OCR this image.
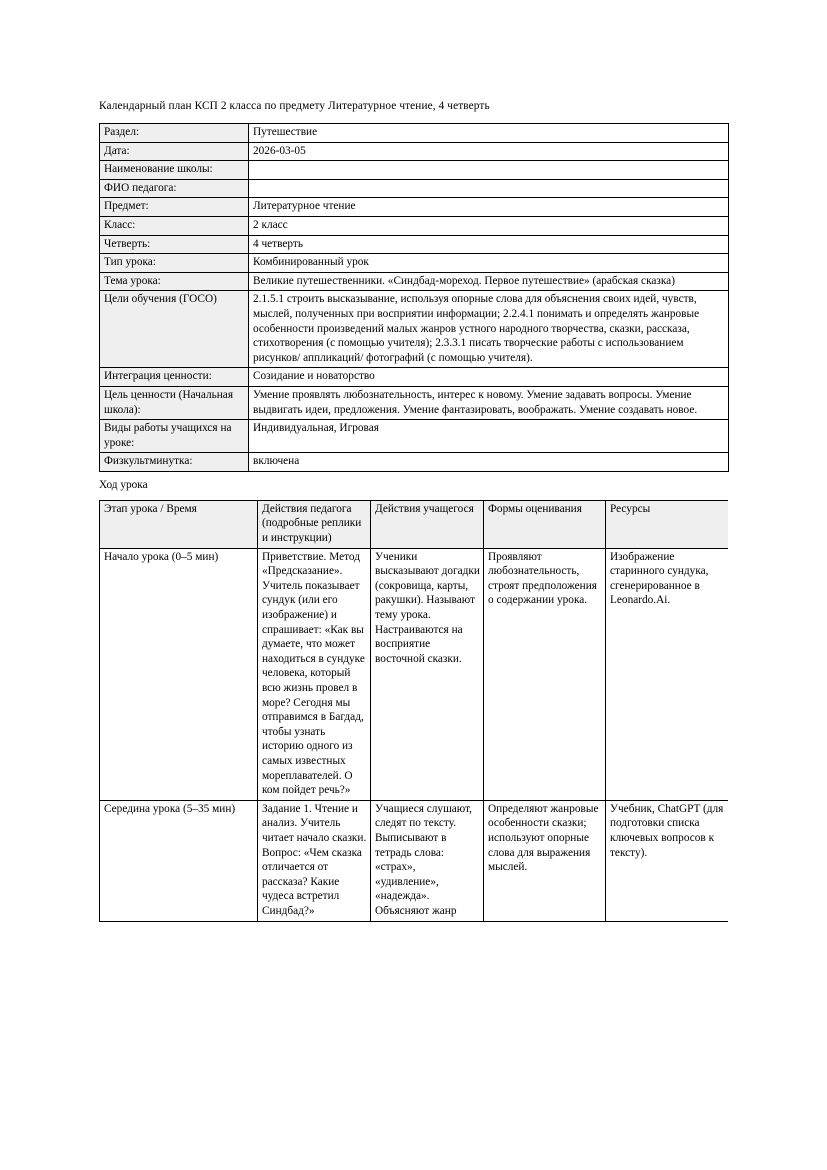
Календарный план КСП 2 класса по предмету Литературное чтение, 4 четверть

Раздел:	Путешествие
Дата:	2026-03-05
Наименование школы:	
ФИО педагога:	
Предмет:	Литературное чтение
Класс:	2 класс
Четверть:	4 четверть
Тип урока:	Комбинированный урок
Тема урока:	Великие путешественники. «Синдбад-мореход. Первое путешествие» (арабская сказка)
Цели обучения (ГОСО)	2.1.5.1 строить высказывание, используя опорные слова для объяснения своих идей, чувств, мыслей, полученных при восприятии информации; 2.2.4.1 понимать и определять жанровые особенности произведений малых жанров устного народного творчества, сказки, рассказа, стихотворения (с помощью учителя); 2.3.3.1 писать творческие работы с использованием рисунков/ аппликаций/ фотографий (с помощью учителя).
Интеграция ценности:	Созидание и новаторство
Цель ценности (Начальная школа):	Умение проявлять любознательность, интерес к новому. Умение задавать вопросы. Умение выдвигать идеи, предложения. Умение фантазировать, воображать. Умение создавать новое.
Виды работы учащихся на уроке:	Индивидуальная, Игровая
Физкультминутка:	включена

Ход урока

Этап урока / Время	Действия педагога (подробные реплики и инструкции)	Действия учащегося	Формы оценивания	Ресурсы
Начало урока (0–5 мин)	Приветствие. Метод «Предсказание». Учитель показывает сундук (или его изображение) и спрашивает: «Как вы думаете, что может находиться в сундуке человека, который всю жизнь провел в море? Сегодня мы отправимся в Багдад, чтобы узнать историю одного из самых известных мореплавателей. О ком пойдет речь?»	Ученики высказывают догадки (сокровища, карты, ракушки). Называют тему урока. Настраиваются на восприятие восточной сказки.	Проявляют любознательность, строят предположения о содержании урока.	Изображение старинного сундука, сгенерированное в Leonardo.Ai.
Середина урока (5–35 мин)	Задание 1. Чтение и анализ. Учитель читает начало сказки. Вопрос: «Чем сказка отличается от рассказа? Какие чудеса встретил Синдбад?»	Учащиеся слушают, следят по тексту. Выписывают в тетрадь слова: «страх», «удивление», «надежда». Объясняют жанр	Определяют жанровые особенности сказки; используют опорные слова для выражения мыслей.	Учебник, ChatGPT (для подготовки списка ключевых вопросов к тексту).
